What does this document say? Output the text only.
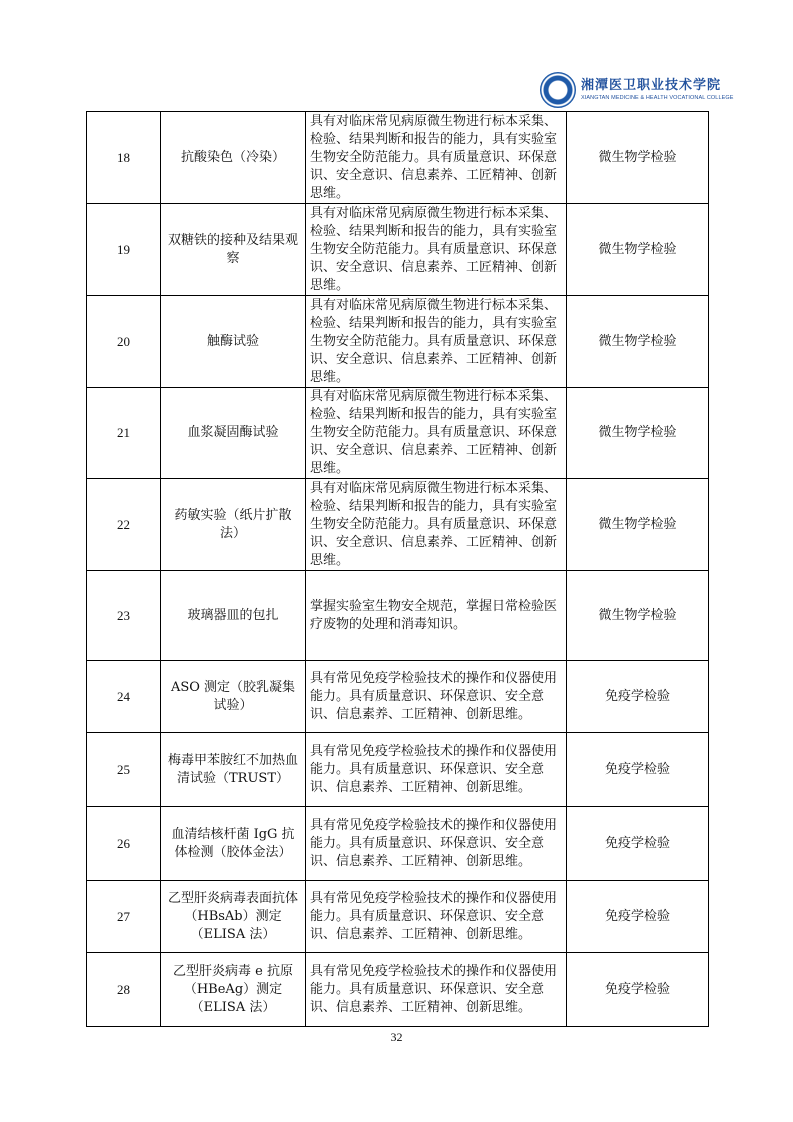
湘潭医卫职业技术学院
XIANGTAN MEDICINE & HEALTH VOCATIONAL COLLEGE
18	抗酸染色（冷染）	具有对临床常见病原微生物进行标本采集、检验、结果判断和报告的能力，具有实验室生物安全防范能力。具有质量意识、环保意识、安全意识、信息素养、工匠精神、创新思维。	微生物学检验
19	双糖铁的接种及结果观察	具有对临床常见病原微生物进行标本采集、检验、结果判断和报告的能力，具有实验室生物安全防范能力。具有质量意识、环保意识、安全意识、信息素养、工匠精神、创新思维。	微生物学检验
20	触酶试验	具有对临床常见病原微生物进行标本采集、检验、结果判断和报告的能力，具有实验室生物安全防范能力。具有质量意识、环保意识、安全意识、信息素养、工匠精神、创新思维。	微生物学检验
21	血浆凝固酶试验	具有对临床常见病原微生物进行标本采集、检验、结果判断和报告的能力，具有实验室生物安全防范能力。具有质量意识、环保意识、安全意识、信息素养、工匠精神、创新思维。	微生物学检验
22	药敏实验（纸片扩散法）	具有对临床常见病原微生物进行标本采集、检验、结果判断和报告的能力，具有实验室生物安全防范能力。具有质量意识、环保意识、安全意识、信息素养、工匠精神、创新思维。	微生物学检验
23	玻璃器皿的包扎	掌握实验室生物安全规范，掌握日常检验医疗废物的处理和消毒知识。	微生物学检验
24	ASO 测定（胶乳凝集试验）	具有常见免疫学检验技术的操作和仪器使用能力。具有质量意识、环保意识、安全意识、信息素养、工匠精神、创新思维。	免疫学检验
25	梅毒甲苯胺红不加热血清试验（TRUST）	具有常见免疫学检验技术的操作和仪器使用能力。具有质量意识、环保意识、安全意识、信息素养、工匠精神、创新思维。	免疫学检验
26	血清结核杆菌 IgG 抗体检测（胶体金法）	具有常见免疫学检验技术的操作和仪器使用能力。具有质量意识、环保意识、安全意识、信息素养、工匠精神、创新思维。	免疫学检验
27	乙型肝炎病毒表面抗体（HBsAb）测定（ELISA 法）	具有常见免疫学检验技术的操作和仪器使用能力。具有质量意识、环保意识、安全意识、信息素养、工匠精神、创新思维。	免疫学检验
28	乙型肝炎病毒 e 抗原（HBeAg）测定（ELISA 法）	具有常见免疫学检验技术的操作和仪器使用能力。具有质量意识、环保意识、安全意识、信息素养、工匠精神、创新思维。	免疫学检验
32
